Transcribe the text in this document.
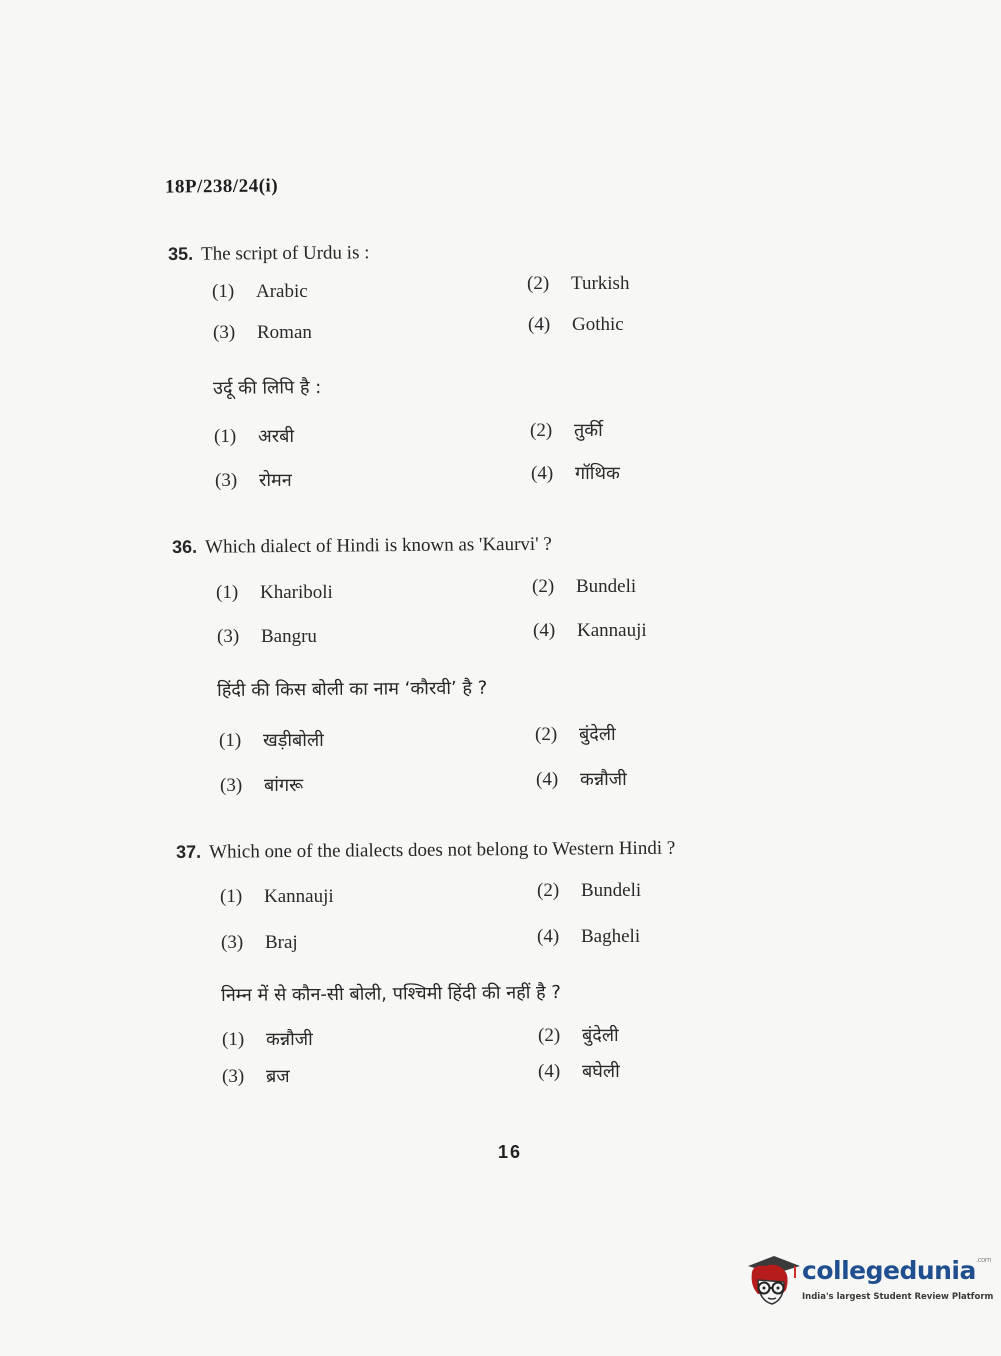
18P/238/24(i)
35. The script of Urdu is :
(1) Arabic	(2) Turkish
(3) Roman	(4) Gothic
उर्दू की लिपि है :
(1) अरबी	(2) तुर्की
(3) रोमन	(4) गॉथिक
36. Which dialect of Hindi is known as 'Kaurvi' ?
(1) Khariboli	(2) Bundeli
(3) Bangru	(4) Kannauji
हिंदी की किस बोली का नाम ‘कौरवी’ है ?
(1) खड़ीबोली	(2) बुंदेली
(3) बांगरू	(4) कन्नौजी
37. Which one of the dialects does not belong to Western Hindi ?
(1) Kannauji	(2) Bundeli
(3) Braj	(4) Bagheli
निम्न में से कौन-सी बोली, पश्चिमी हिंदी की नहीं है ?
(1) कन्नौजी	(2) बुंदेली
(3) ब्रज	(4) बघेली
16
collegedunia$^{.com}$
India's largest Student Review Platform
